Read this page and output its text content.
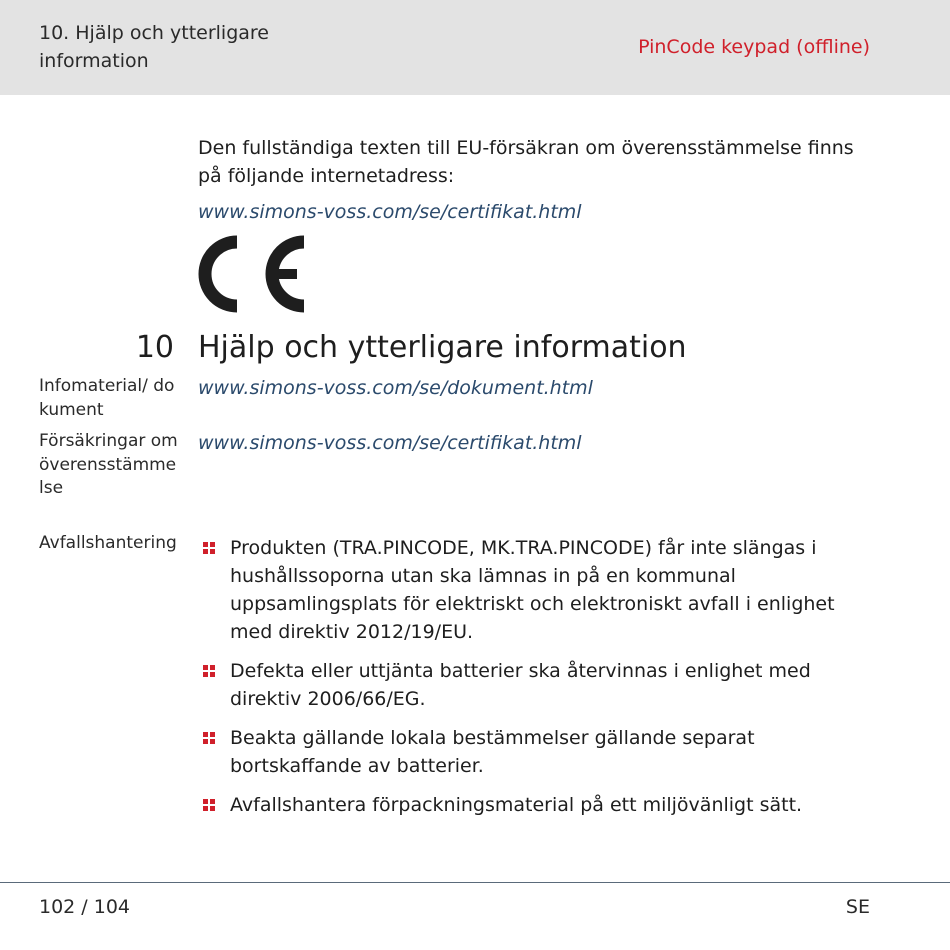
10. Hjälp och ytterligare information
PinCode keypad (offline)
Den fullständiga texten till EU-försäkran om överensstämmelse finns på följande internetadress:
www.simons-voss.com/se/certifikat.html
10 Hjälp och ytterligare information
Infomaterial/ dokument
www.simons-voss.com/se/dokument.html
Försäkringar om överensstämmelse
www.simons-voss.com/se/certifikat.html
Avfallshantering	Produkten (TRA.PINCODE, MK.TRA.PINCODE) får inte slängas i hushållssoporna utan ska lämnas in på en kommunal uppsamlingsplats för elektriskt och elektroniskt avfall i enlighet med direktiv 2012/19/EU.
Defekta eller uttjänta batterier ska återvinnas i enlighet med direktiv 2006/66/EG.
Beakta gällande lokala bestämmelser gällande separat bortskaffande av batterier.
Avfallshantera förpackningsmaterial på ett miljövänligt sätt.
102 / 104	SE
